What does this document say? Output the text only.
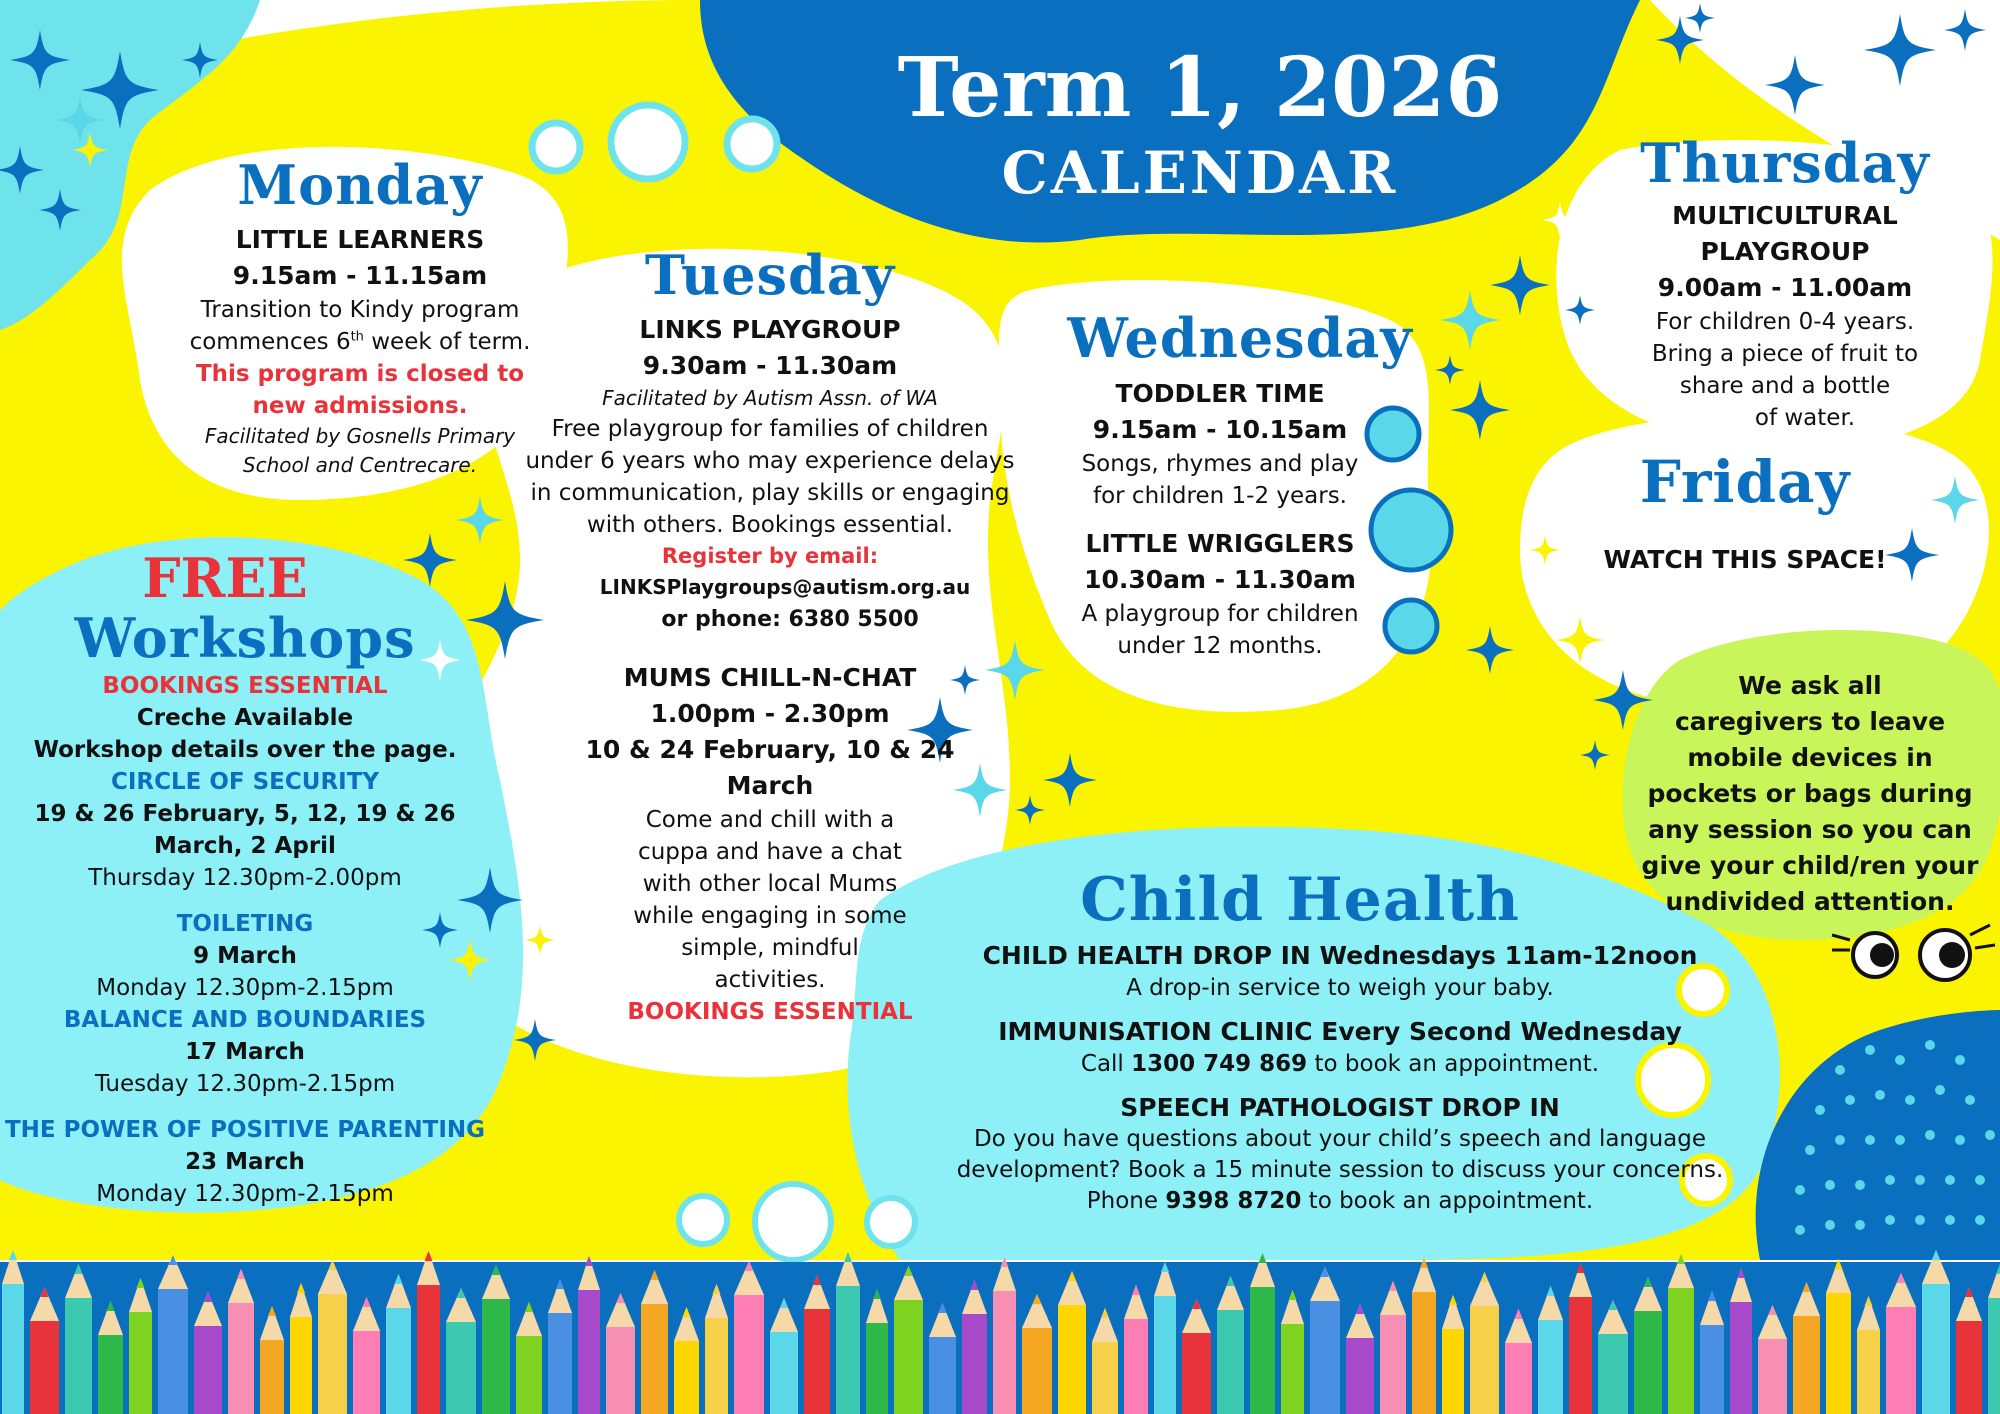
Term 1, 2026
CALENDAR
Monday
LITTLE LEARNERS
9.15am - 11.15am
Transition to Kindy program
commences 6th week of term.
This program is closed to
new admissions.
Facilitated by Gosnells Primary
School and Centrecare.
Tuesday
LINKS PLAYGROUP
9.30am - 11.30am
Facilitated by Autism Assn. of WA
Free playgroup for families of children
under 6 years who may experience delays
in communication, play skills or engaging
with others. Bookings essential.
Register by email:
LINKSPlaygroups@autism.org.au
or phone: 6380 5500
MUMS CHILL-N-CHAT
1.00pm - 2.30pm
10 & 24 February, 10 & 24
March
Come and chill with a
cuppa and have a chat
with other local Mums
while engaging in some
simple, mindful
activities.
BOOKINGS ESSENTIAL
Wednesday
TODDLER TIME
9.15am - 10.15am
Songs, rhymes and play
for children 1-2 years.
LITTLE WRIGGLERS
10.30am - 11.30am
A playgroup for children
under 12 months.
Thursday
MULTICULTURAL
PLAYGROUP
9.00am - 11.00am
For children 0-4 years.
Bring a piece of fruit to
share and a bottle
of water.
Friday
WATCH THIS SPACE!
We ask all
caregivers to leave
mobile devices in
pockets or bags during
any session so you can
give your child/ren your
undivided attention.
FREE
Workshops
BOOKINGS ESSENTIAL
Creche Available
Workshop details over the page.
CIRCLE OF SECURITY
19 & 26 February, 5, 12, 19 & 26
March, 2 April
Thursday 12.30pm-2.00pm
TOILETING
9 March
Monday 12.30pm-2.15pm
BALANCE AND BOUNDARIES
17 March
Tuesday 12.30pm-2.15pm
THE POWER OF POSITIVE PARENTING
23 March
Monday 12.30pm-2.15pm
Child Health
CHILD HEALTH DROP IN Wednesdays 11am-12noon
A drop-in service to weigh your baby.
IMMUNISATION CLINIC Every Second Wednesday
Call 1300 749 869 to book an appointment.
SPEECH PATHOLOGIST DROP IN
Do you have questions about your child’s speech and language
development? Book a 15 minute session to discuss your concerns.
Phone 9398 8720 to book an appointment.
